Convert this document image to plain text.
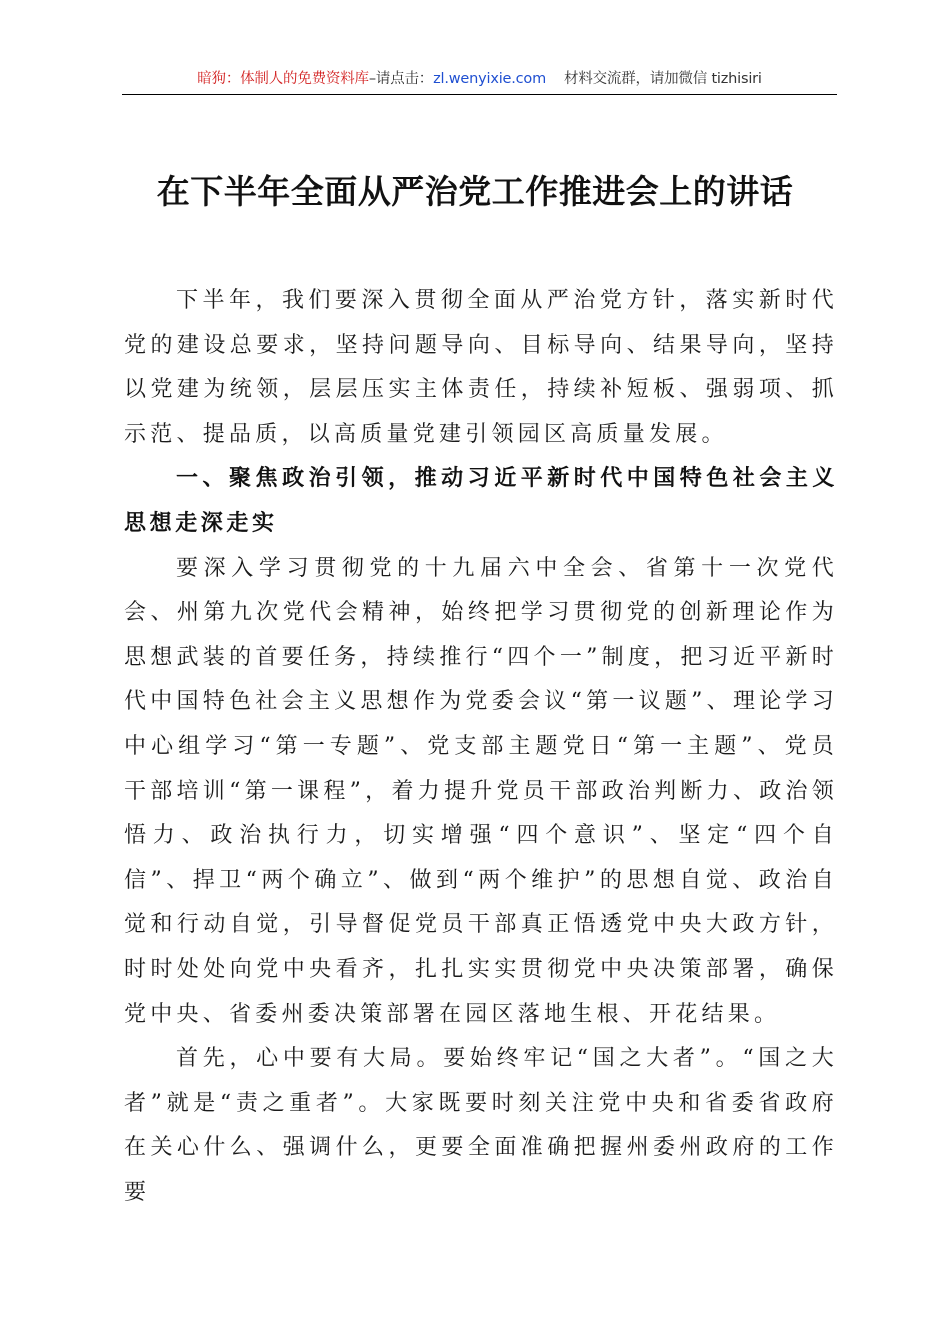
暗狗：体制人的免费资料库–请点击：zl.wenyixie.com 材料交流群，请加微信 tizhisiri
在下半年全面从严治党工作推进会上的讲话

下半年，我们要深入贯彻全面从严治党方针，落实新时代党的建设总要求，坚持问题导向、目标导向、结果导向，坚持以党建为统领，层层压实主体责任，持续补短板、强弱项、抓示范、提品质，以高质量党建引领园区高质量发展。

一、聚焦政治引领，推动习近平新时代中国特色社会主义思想走深走实

要深入学习贯彻党的十九届六中全会、省第十一次党代会、州第九次党代会精神，始终把学习贯彻党的创新理论作为思想武装的首要任务，持续推行“四个一”制度，把习近平新时代中国特色社会主义思想作为党委会议“第一议题”、理论学习中心组学习“第一专题”、党支部主题党日“第一主题”、党员干部培训“第一课程”，着力提升党员干部政治判断力、政治领悟力、政治执行力，切实增强“四个意识”、坚定“四个自信”、捍卫“两个确立”、做到“两个维护”的思想自觉、政治自觉和行动自觉，引导督促党员干部真正悟透党中央大政方针，时时处处向党中央看齐，扎扎实实贯彻党中央决策部署，确保党中央、省委州委决策部署在园区落地生根、开花结果。

首先，心中要有大局。要始终牢记“国之大者”。“国之大者”就是“责之重者”。大家既要时刻关注党中央和省委省政府在关心什么、强调什么，更要全面准确把握州委州政府的工作要
